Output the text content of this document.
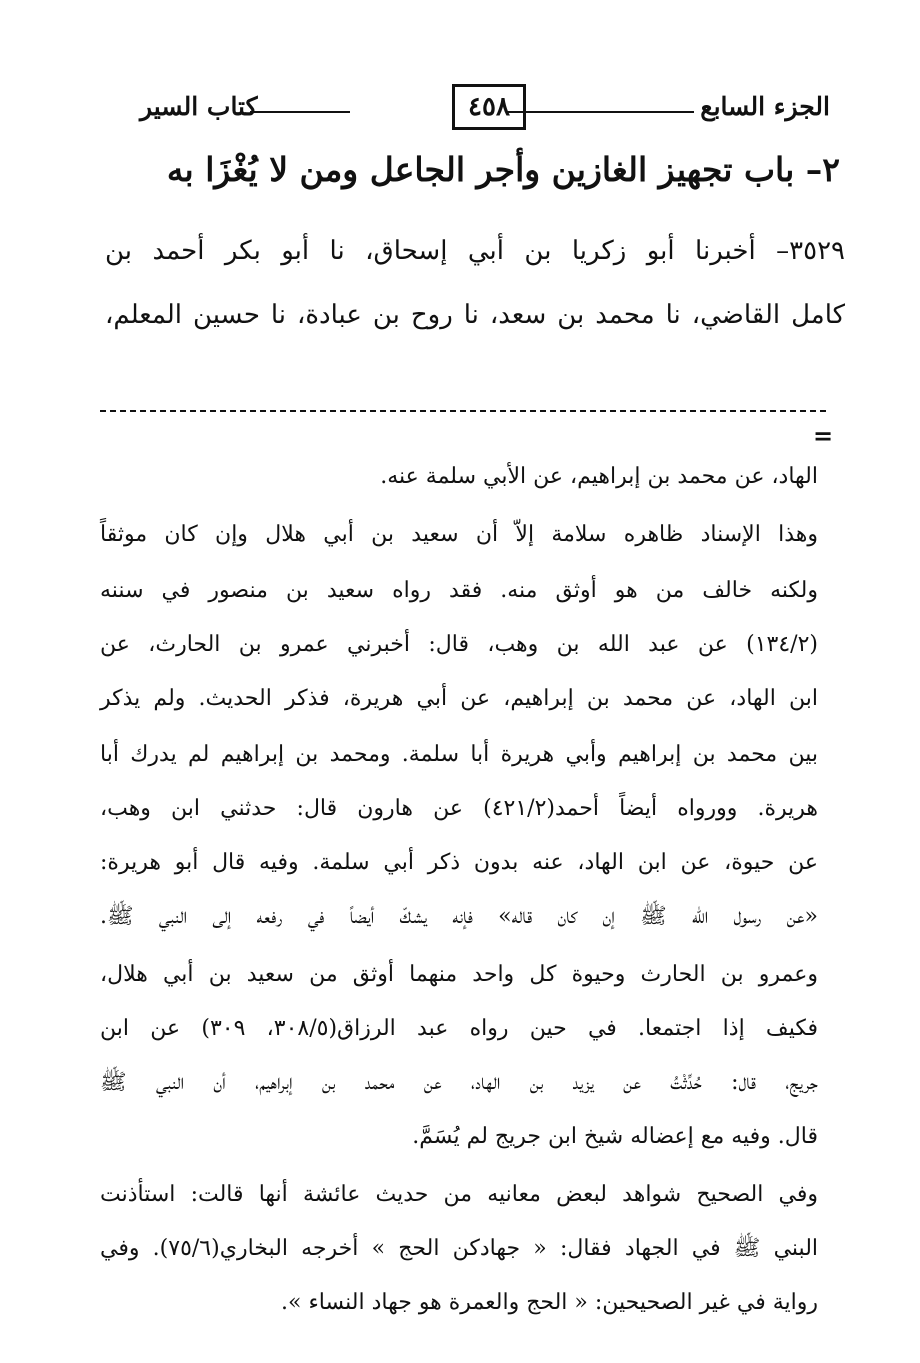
الجزء السابع
٤٥٨
كتاب السير
٢– باب تجهيز الغازين وأجر الجاعل ومن لا يُغْزَا به
٣٥٢٩– أخبرنا أبو زكريا بن أبي إسحاق، نا أبو بكر أحمد بن
كامل القاضي، نا محمد بن سعد، نا روح بن عبادة، نا حسين المعلم،
=
الهاد، عن محمد بن إبراهيم، عن الأبي سلمة عنه.
وهذا الإسناد ظاهره سلامة إلاّ أن سعيد بن أبي هلال وإن كان موثقاً
ولكنه خالف من هو أوثق منه. فقد رواه سعيد بن منصور في سننه
(١٣٤/٢) عن عبد الله بن وهب، قال: أخبرني عمرو بن الحارث، عن
ابن الهاد، عن محمد بن إبراهيم، عن أبي هريرة، فذكر الحديث. ولم يذكر
بين محمد بن إبراهيم وأبي هريرة أبا سلمة. ومحمد بن إبراهيم لم يدرك أبا
هريرة. وورواه أيضاً أحمد(٤٢١/٢) عن هارون قال: حدثني ابن وهب،
عن حيوة، عن ابن الهاد، عنه بدون ذكر أبي سلمة. وفيه قال أبو هريرة:
«عن رسول الله ﷺ إن كان قاله» فإنه يشكّ أيضاً في رفعه إلى النبي ﷺ.
وعمرو بن الحارث وحيوة كل واحد منهما أوثق من سعيد بن أبي هلال،
فكيف إذا اجتمعا. في حين رواه عبد الرزاق(٣٠٨/٥، ٣٠٩) عن ابن
جريج، قال: حُدِّثْتُ عن يزيد بن الهاد، عن محمد بن إبراهيم، أن النبي ﷺ
قال. وفيه مع إعضاله شيخ ابن جريج لم يُسَمَّ.
وفي الصحيح شواهد لبعض معانيه من حديث عائشة أنها قالت: استأذنت
البني ﷺ في الجهاد فقال: « جهادكن الحج » أخرجه البخاري(٧٥/٦). وفي
رواية في غير الصحيحين: « الحج والعمرة هو جهاد النساء ».
